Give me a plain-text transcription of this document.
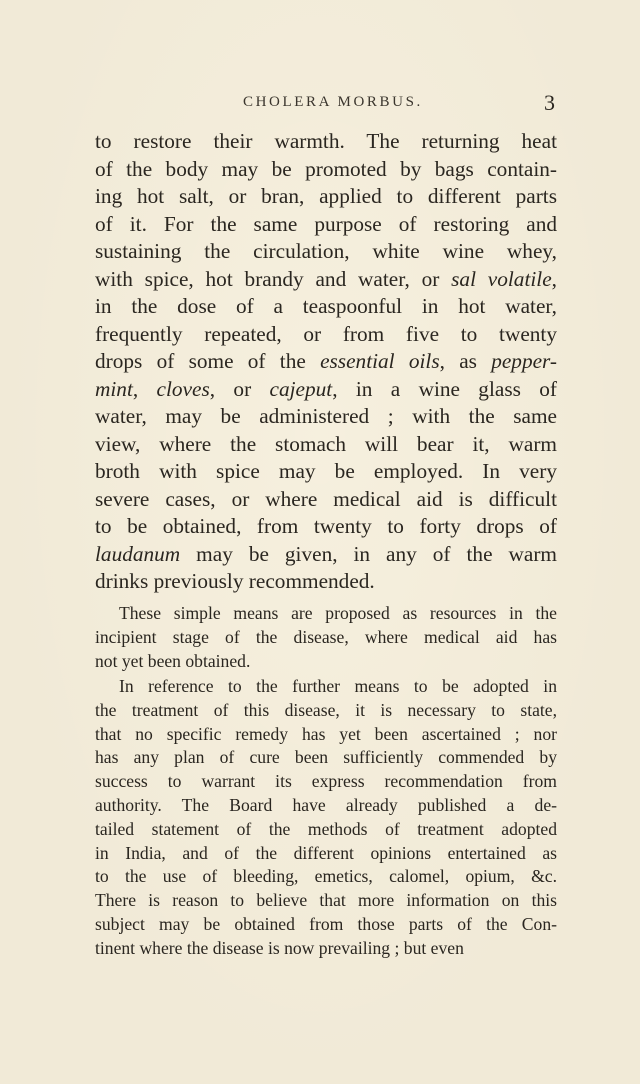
CHOLERA MORBUS.	3
to restore their warmth. The returning heat
of the body may be promoted by bags contain-
ing hot salt, or bran, applied to different parts
of it. For the same purpose of restoring and
sustaining the circulation, white wine whey,
with spice, hot brandy and water, or sal volatile,
in the dose of a teaspoonful in hot water,
frequently repeated, or from five to twenty
drops of some of the essential oils, as pepper-
mint, cloves, or cajeput, in a wine glass of
water, may be administered ; with the same
view, where the stomach will bear it, warm
broth with spice may be employed. In very
severe cases, or where medical aid is difficult
to be obtained, from twenty to forty drops of
laudanum may be given, in any of the warm
drinks previously recommended.
These simple means are proposed as resources in the
incipient stage of the disease, where medical aid has
not yet been obtained.
In reference to the further means to be adopted in
the treatment of this disease, it is necessary to state,
that no specific remedy has yet been ascertained ; nor
has any plan of cure been sufficiently commended by
success to warrant its express recommendation from
authority. The Board have already published a de-
tailed statement of the methods of treatment adopted
in India, and of the different opinions entertained as
to the use of bleeding, emetics, calomel, opium, &c.
There is reason to believe that more information on this
subject may be obtained from those parts of the Con-
tinent where the disease is now prevailing ; but even
